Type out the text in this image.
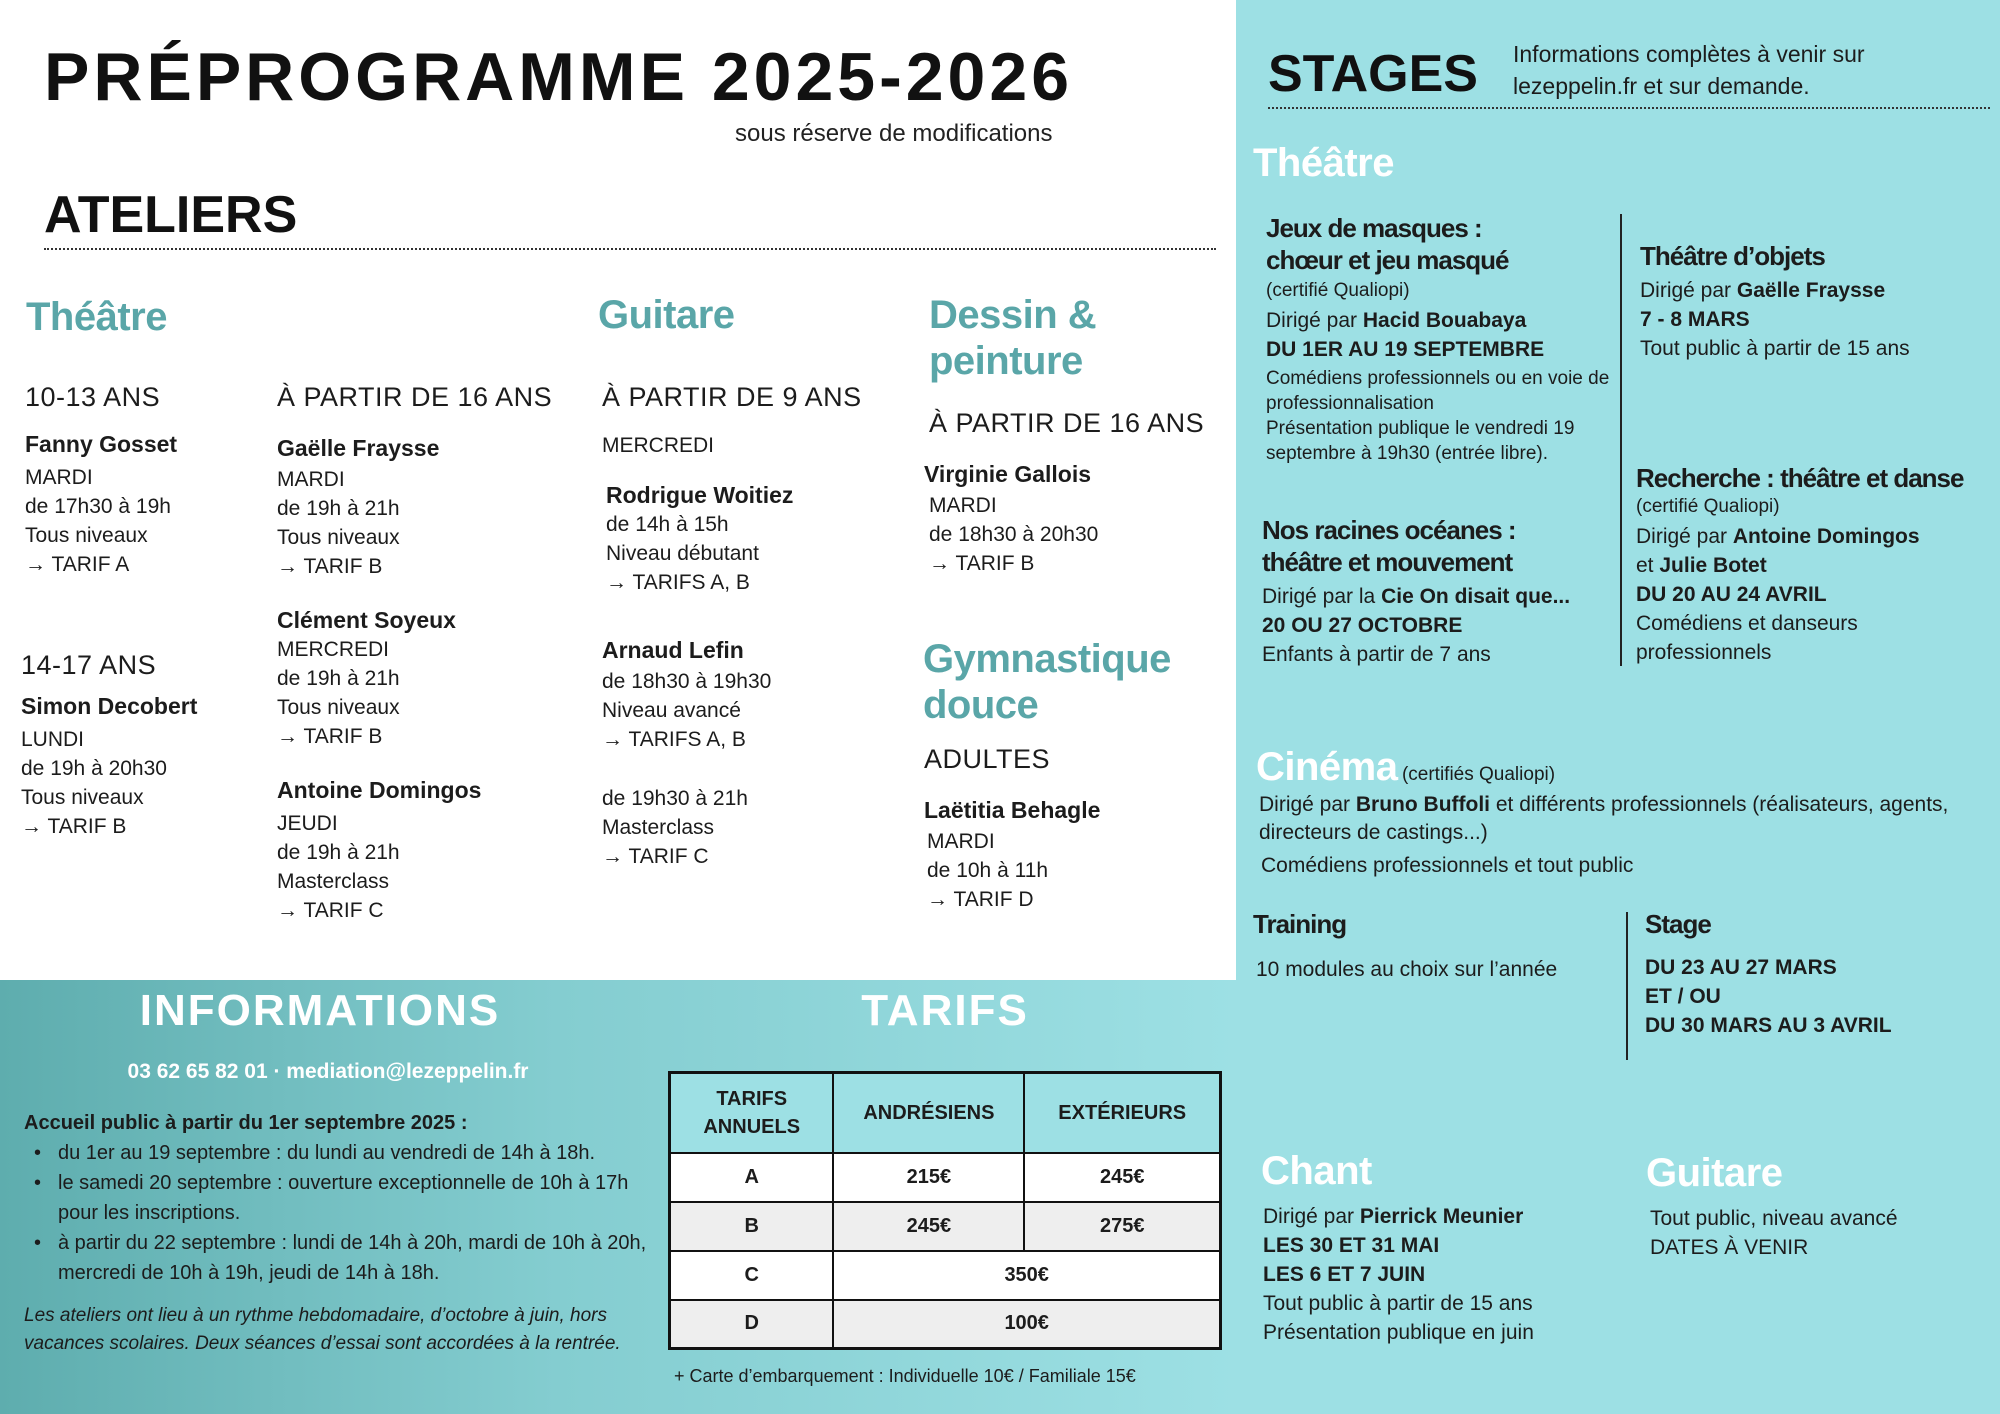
PRÉPROGRAMME 2025-2026
sous réserve de modifications
ATELIERS
Théâtre
10-13 ANS
Fanny Gosset
MARDI
de 17h30 à 19h
Tous niveaux
→ TARIF A
14-17 ANS
Simon Decobert
LUNDI
de 19h à 20h30
Tous niveaux
→ TARIF B
À PARTIR DE 16 ANS
Gaëlle Fraysse
MARDI
de 19h à 21h
Tous niveaux
→ TARIF B
Clément Soyeux
MERCREDI
de 19h à 21h
Tous niveaux
→ TARIF B
Antoine Domingos
JEUDI
de 19h à 21h
Masterclass
→ TARIF C
Guitare
À PARTIR DE 9 ANS
MERCREDI
Rodrigue Woitiez
de 14h à 15h
Niveau débutant
→ TARIFS A, B
Arnaud Lefin
de 18h30 à 19h30
Niveau avancé
→ TARIFS A, B
de 19h30 à 21h
Masterclass
→ TARIF C
Dessin &
peinture
À PARTIR DE 16 ANS
Virginie Gallois
MARDI
de 18h30 à 20h30
→ TARIF B
Gymnastique
douce
ADULTES
Laëtitia Behagle
MARDI
de 10h à 11h
→ TARIF D
STAGES Informations complètes à venir sur lezeppelin.fr et sur demande.
Théâtre
Jeux de masques :
chœur et jeu masqué
(certifié Qualiopi)
Dirigé par Hacid Bouabaya
DU 1ER AU 19 SEPTEMBRE
Comédiens professionnels ou en voie de professionnalisation
Présentation publique le vendredi 19 septembre à 19h30 (entrée libre).
Théâtre d’objets
Dirigé par Gaëlle Fraysse
7 - 8 MARS
Tout public à partir de 15 ans
Nos racines océanes :
théâtre et mouvement
Dirigé par la Cie On disait que...
20 OU 27 OCTOBRE
Enfants à partir de 7 ans
Recherche : théâtre et danse
(certifié Qualiopi)
Dirigé par Antoine Domingos
et Julie Botet
DU 20 AU 24 AVRIL
Comédiens et danseurs
professionnels
Cinéma (certifiés Qualiopi)
Dirigé par Bruno Buffoli et différents professionnels (réalisateurs, agents, directeurs de castings...)
Comédiens professionnels et tout public
Training
10 modules au choix sur l’année
Stage
DU 23 AU 27 MARS
ET / OU
DU 30 MARS AU 3 AVRIL
Chant
Dirigé par Pierrick Meunier
LES 30 ET 31 MAI
LES 6 ET 7 JUIN
Tout public à partir de 15 ans
Présentation publique en juin
Guitare
Tout public, niveau avancé
DATES À VENIR
INFORMATIONS
03 62 65 82 01 · mediation@lezeppelin.fr
Accueil public à partir du 1er septembre 2025 :
• du 1er au 19 septembre : du lundi au vendredi de 14h à 18h.
• le samedi 20 septembre : ouverture exceptionnelle de 10h à 17h pour les inscriptions.
• à partir du 22 septembre : lundi de 14h à 20h, mardi de 10h à 20h, mercredi de 10h à 19h, jeudi de 14h à 18h.
Les ateliers ont lieu à un rythme hebdomadaire, d’octobre à juin, hors vacances scolaires. Deux séances d’essai sont accordées à la rentrée.
TARIFS
TARIFS ANNUELS	ANDRÉSIENS	EXTÉRIEURS
A	215€	245€
B	245€	275€
C	350€	
D	100€	
+ Carte d’embarquement : Individuelle 10€ / Familiale 15€
